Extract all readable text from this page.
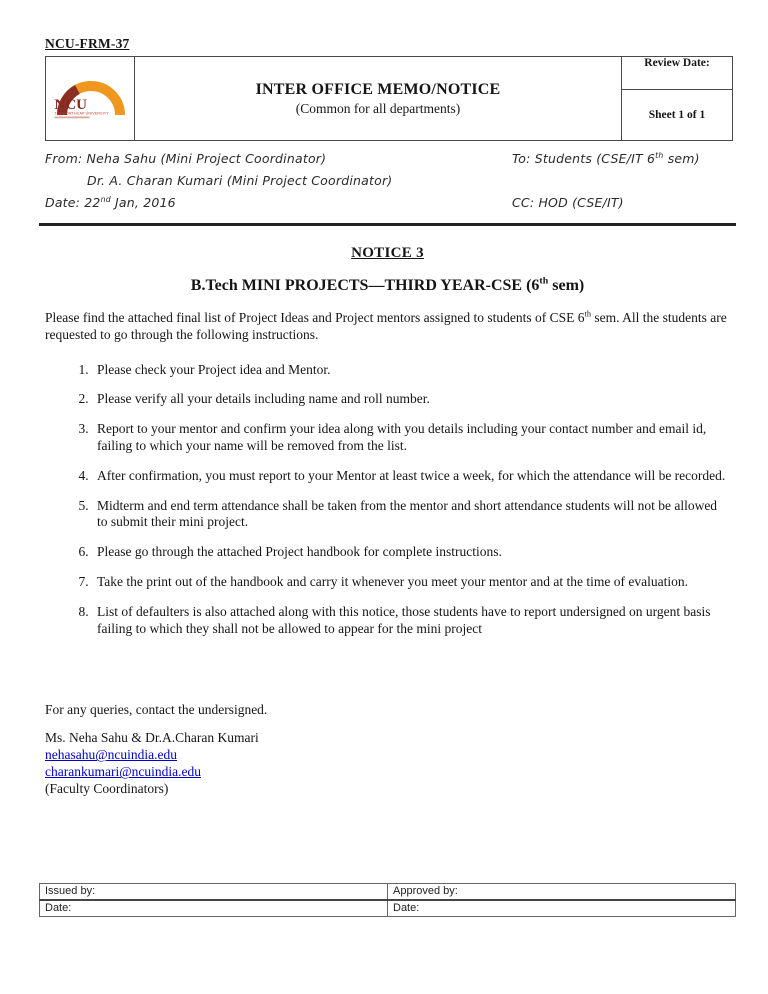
NCU-FRM-37
NCU
THE NORTHCAP UNIVERSITY

INTER OFFICE MEMO/NOTICE
(Common for all departments)
	Review Date:
Sheet 1 of 1
From: Neha Sahu (Mini Project Coordinator)	To: Students (CSE/IT 6th sem)
Dr. A. Charan Kumari (Mini Project Coordinator)
Date: 22nd Jan, 2016	CC: HOD (CSE/IT)
NOTICE 3
B.Tech MINI PROJECTS—THIRD YEAR-CSE (6th sem)

Please find the attached final list of Project Ideas and Project mentors assigned to students of CSE 6th sem. All the students are requested to go through the following instructions.

1. Please check your Project idea and Mentor.
2. Please verify all your details including name and roll number.
3. Report to your mentor and confirm your idea along with you details including your contact number and email id, failing to which your name will be removed from the list.
4. After confirmation, you must report to your Mentor at least twice a week, for which the attendance will be recorded.
5. Midterm and end term attendance shall be taken from the mentor and short attendance students will not be allowed to submit their mini project.
6. Please go through the attached Project handbook for complete instructions.
7. Take the print out of the handbook and carry it whenever you meet your mentor and at the time of evaluation.
8. List of defaulters is also attached along with this notice, those students have to report undersigned on urgent basis failing to which they shall not be allowed to appear for the mini project

For any queries, contact the undersigned.

Ms. Neha Sahu & Dr.A.Charan Kumari

nehasahu@ncuindia.edu

charankumari@ncuindia.edu

(Faculty Coordinators)

Issued by:	Approved by:
Date:	Date:
